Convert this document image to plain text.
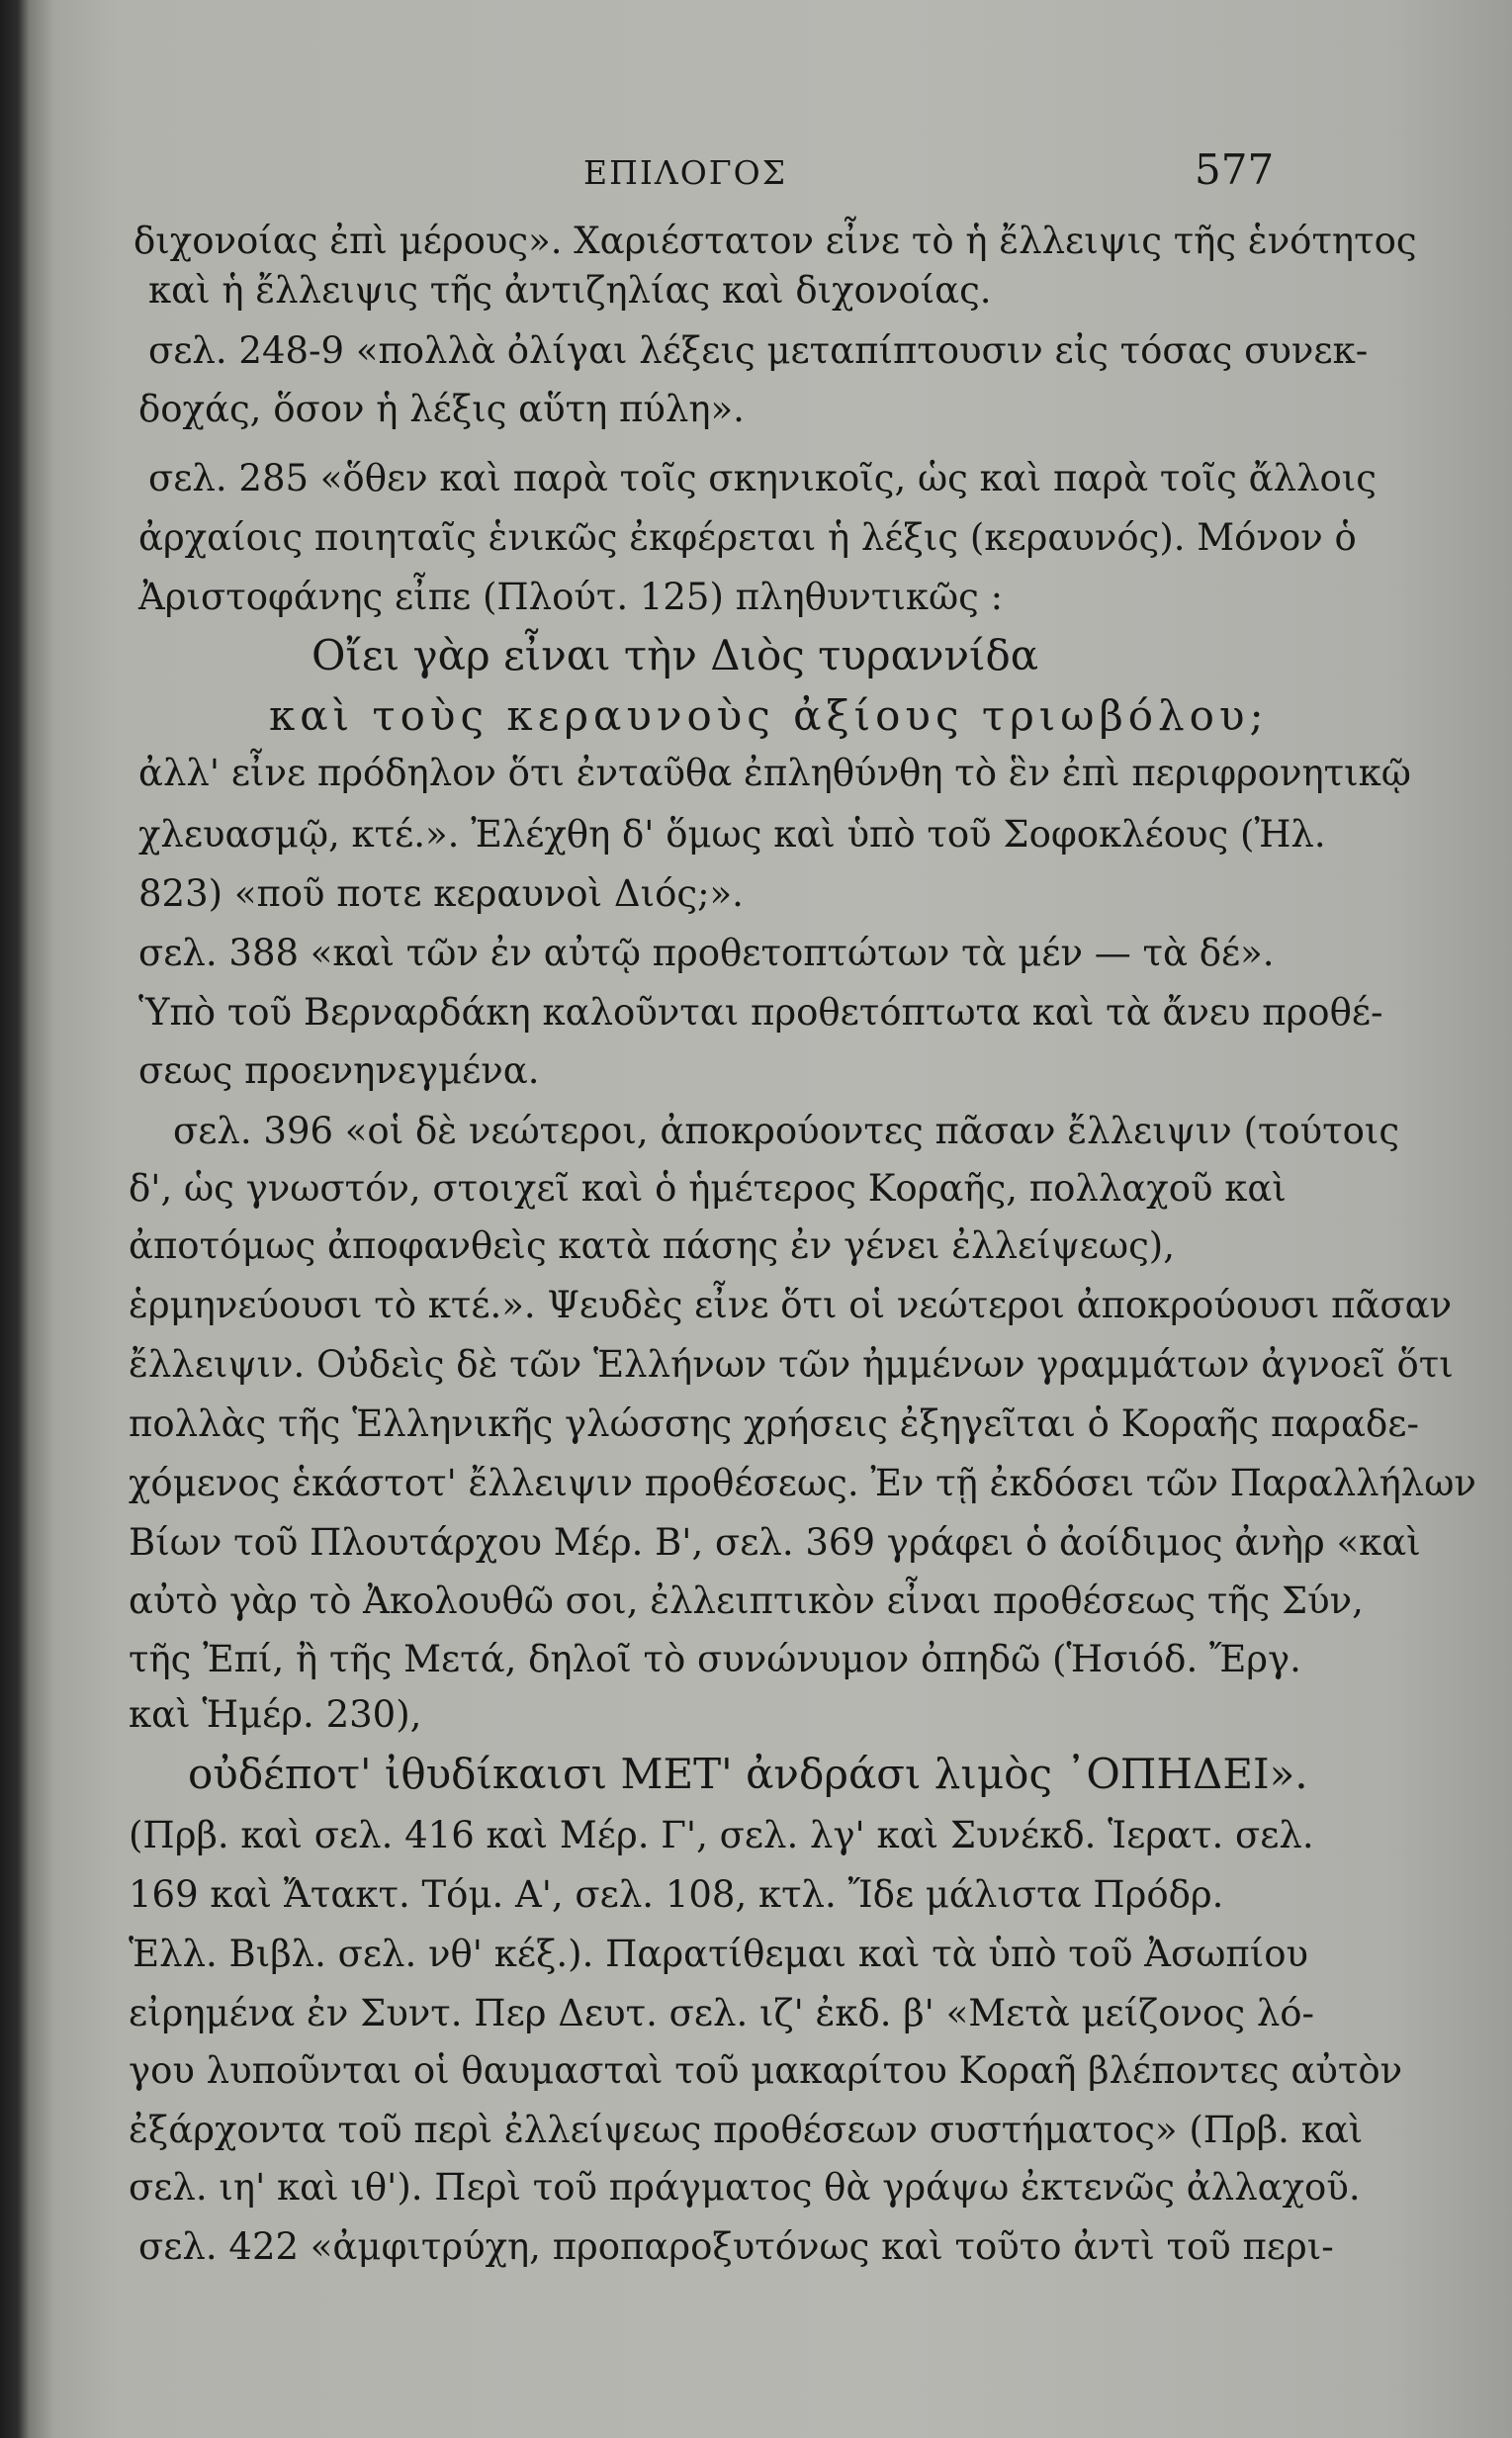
ΕΠΙΛΟΓΟΣ	577
διχονοίας ἐπὶ μέρους». Χαριέστατον εἶνε τὸ ἡ ἔλλειψις τῆς ἑνότητος
καὶ ἡ ἔλλειψις τῆς ἀντιζηλίας καὶ διχονοίας.
σελ. 248-9 «πολλὰ ὀλίγαι λέξεις μεταπίπτουσιν εἰς τόσας συνεκ-
δοχάς, ὅσον ἡ λέξις αὕτη πύλη».
σελ. 285 «ὅθεν καὶ παρὰ τοῖς σκηνικοῖς, ὡς καὶ παρὰ τοῖς ἄλλοις
ἀρχαίοις ποιηταῖς ἑνικῶς ἐκφέρεται ἡ λέξις (κεραυνός). Μόνον ὁ
Ἀριστοφάνης εἶπε (Πλούτ. 125) πληθυντικῶς :
Οἴει γὰρ εἶναι τὴν Διὸς τυραννίδα
καὶ τοὺς κεραυνοὺς ἀξίους τριωβόλου;
ἀλλ' εἶνε πρόδηλον ὅτι ἐνταῦθα ἐπληθύνθη τὸ ἓν ἐπὶ περιφρονητικῷ
χλευασμῷ, κτέ.». Ἐλέχθη δ' ὅμως καὶ ὑπὸ τοῦ Σοφοκλέους (Ἠλ.
823) «ποῦ ποτε κεραυνοὶ Διός;».
σελ. 388 «καὶ τῶν ἐν αὐτῷ προθετοπτώτων τὰ μέν — τὰ δέ».
Ὑπὸ τοῦ Βερναρδάκη καλοῦνται προθετόπτωτα καὶ τὰ ἄνευ προθέ-
σεως προενηνεγμένα.
σελ. 396 «οἱ δὲ νεώτεροι, ἀποκρούοντες πᾶσαν ἔλλειψιν (τούτοις
δ', ὡς γνωστόν, στοιχεῖ καὶ ὁ ἡμέτερος Κοραῆς, πολλαχοῦ καὶ
ἀποτόμως ἀποφανθεὶς κατὰ πάσης ἐν γένει ἐλλείψεως),
ἑρμηνεύουσι τὸ κτέ.». Ψευδὲς εἶνε ὅτι οἱ νεώτεροι ἀποκρούουσι πᾶσαν
ἔλλειψιν. Οὐδεὶς δὲ τῶν Ἑλλήνων τῶν ἠμμένων γραμμάτων ἀγνοεῖ ὅτι
πολλὰς τῆς Ἑλληνικῆς γλώσσης χρήσεις ἐξηγεῖται ὁ Κοραῆς παραδε-
χόμενος ἑκάστοτ' ἔλλειψιν προθέσεως. Ἐν τῇ ἐκδόσει τῶν Παραλλήλων
Βίων τοῦ Πλουτάρχου Μέρ. Β', σελ. 369 γράφει ὁ ἀοίδιμος ἀνὴρ «καὶ
αὐτὸ γὰρ τὸ Ἀκολουθῶ σοι, ἐλλειπτικὸν εἶναι προθέσεως τῆς Σύν,
τῆς Ἐπί, ἢ τῆς Μετά, δηλοῖ τὸ συνώνυμον ὀπηδῶ (Ἡσιόδ. Ἔργ.
καὶ Ἡμέρ. 230),
οὐδέποτ' ἰθυδίκαισι ΜΕΤ' ἀνδράσι λιμὸς ᾿ΟΠΗΔΕΙ».
(Πρβ. καὶ σελ. 416 καὶ Μέρ. Γ', σελ. λγ' καὶ Συνέκδ. Ἱερατ. σελ.
169 καὶ Ἄτακτ. Τόμ. Α', σελ. 108, κτλ. Ἴδε μάλιστα Πρόδρ.
Ἑλλ. Βιβλ. σελ. νθ' κέξ.). Παρατίθεμαι καὶ τὰ ὑπὸ τοῦ Ἀσωπίου
εἰρημένα ἐν Συντ. Περ Δευτ. σελ. ιζ' ἐκδ. β' «Μετὰ μείζονος λό-
γου λυποῦνται οἱ θαυμασταὶ τοῦ μακαρίτου Κοραῆ βλέποντες αὐτὸν
ἐξάρχοντα τοῦ περὶ ἐλλείψεως προθέσεων συστήματος» (Πρβ. καὶ
σελ. ιη' καὶ ιθ'). Περὶ τοῦ πράγματος θὰ γράψω ἐκτενῶς ἀλλαχοῦ.
σελ. 422 «ἀμφιτρύχη, προπαροξυτόνως καὶ τοῦτο ἀντὶ τοῦ περι-
